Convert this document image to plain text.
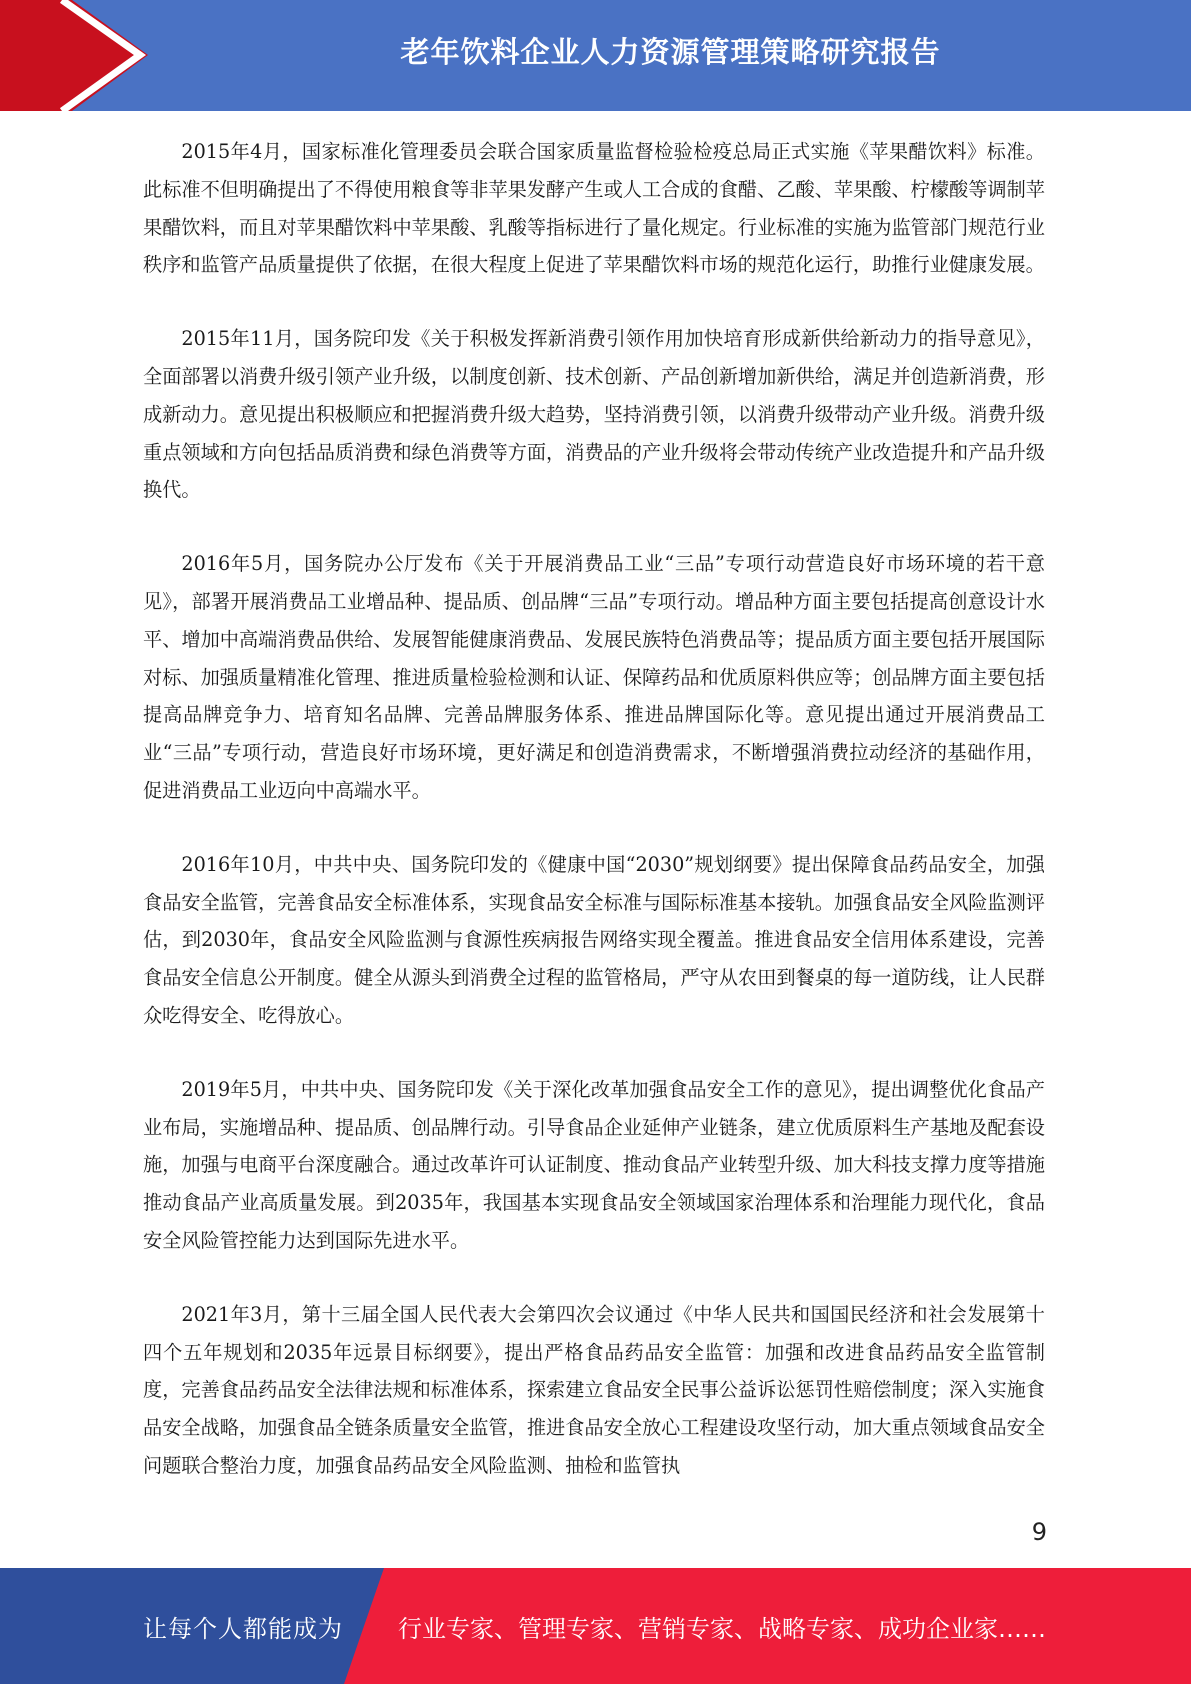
老年饮料企业人力资源管理策略研究报告

2015年4月，国家标准化管理委员会联合国家质量监督检验检疫总局正式实施《苹果醋饮料》标准。此标准不但明确提出了不得使用粮食等非苹果发酵产生或人工合成的食醋、乙酸、苹果酸、柠檬酸等调制苹果醋饮料，而且对苹果醋饮料中苹果酸、乳酸等指标进行了量化规定。行业标准的实施为监管部门规范行业秩序和监管产品质量提供了依据，在很大程度上促进了苹果醋饮料市场的规范化运行，助推行业健康发展。

2015年11月，国务院印发《关于积极发挥新消费引领作用加快培育形成新供给新动力的指导意见》，全面部署以消费升级引领产业升级，以制度创新、技术创新、产品创新增加新供给，满足并创造新消费，形成新动力。意见提出积极顺应和把握消费升级大趋势，坚持消费引领，以消费升级带动产业升级。消费升级重点领域和方向包括品质消费和绿色消费等方面，消费品的产业升级将会带动传统产业改造提升和产品升级换代。

2016年5月，国务院办公厅发布《关于开展消费品工业“三品”专项行动营造良好市场环境的若干意见》，部署开展消费品工业增品种、提品质、创品牌“三品”专项行动。增品种方面主要包括提高创意设计水平、增加中高端消费品供给、发展智能健康消费品、发展民族特色消费品等；提品质方面主要包括开展国际对标、加强质量精准化管理、推进质量检验检测和认证、保障药品和优质原料供应等；创品牌方面主要包括提高品牌竞争力、培育知名品牌、完善品牌服务体系、推进品牌国际化等。意见提出通过开展消费品工业“三品”专项行动，营造良好市场环境，更好满足和创造消费需求，不断增强消费拉动经济的基础作用，促进消费品工业迈向中高端水平。

2016年10月，中共中央、国务院印发的《健康中国“2030”规划纲要》提出保障食品药品安全，加强食品安全监管，完善食品安全标准体系，实现食品安全标准与国际标准基本接轨。加强食品安全风险监测评估，到2030年，食品安全风险监测与食源性疾病报告网络实现全覆盖。推进食品安全信用体系建设，完善食品安全信息公开制度。健全从源头到消费全过程的监管格局，严守从农田到餐桌的每一道防线，让人民群众吃得安全、吃得放心。

2019年5月，中共中央、国务院印发《关于深化改革加强食品安全工作的意见》，提出调整优化食品产业布局，实施增品种、提品质、创品牌行动。引导食品企业延伸产业链条，建立优质原料生产基地及配套设施，加强与电商平台深度融合。通过改革许可认证制度、推动食品产业转型升级、加大科技支撑力度等措施推动食品产业高质量发展。到2035年，我国基本实现食品安全领域国家治理体系和治理能力现代化，食品安全风险管控能力达到国际先进水平。

2021年3月，第十三届全国人民代表大会第四次会议通过《中华人民共和国国民经济和社会发展第十四个五年规划和2035年远景目标纲要》，提出严格食品药品安全监管：加强和改进食品药品安全监管制度，完善食品药品安全法律法规和标准体系，探索建立食品安全民事公益诉讼惩罚性赔偿制度；深入实施食品安全战略，加强食品全链条质量安全监管，推进食品安全放心工程建设攻坚行动，加大重点领域食品安全问题联合整治力度，加强食品药品安全风险监测、抽检和监管执

9
让每个人都能成为 行业专家、管理专家、营销专家、战略专家、成功企业家……
